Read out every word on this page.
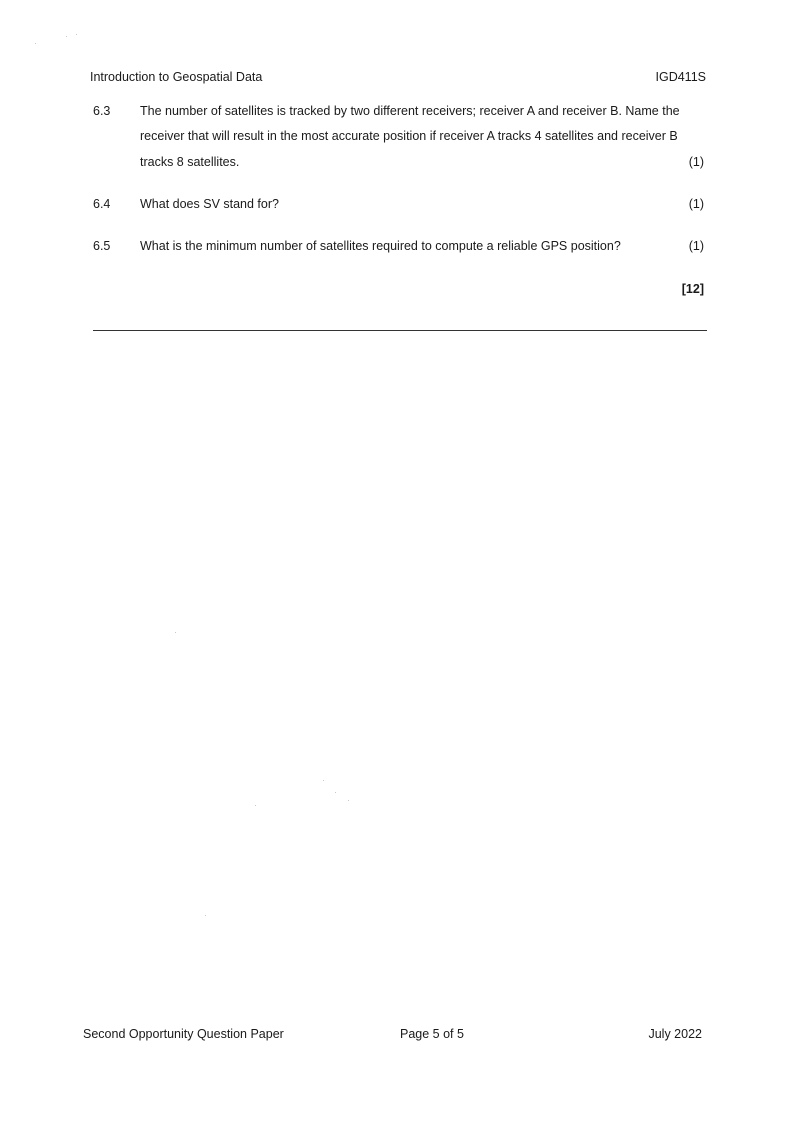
Introduction to Geospatial Data	IGD411S
6.3 The number of satellites is tracked by two different receivers; receiver A and receiver B. Name the
receiver that will result in the most accurate position if receiver A tracks 4 satellites and receiver B
tracks 8 satellites.	(1)
6.4 What does SV stand for?	(1)
6.5 What is the minimum number of satellites required to compute a reliable GPS position?	(1)
[12]
Second Opportunity Question Paper	Page 5 of 5	July 2022
